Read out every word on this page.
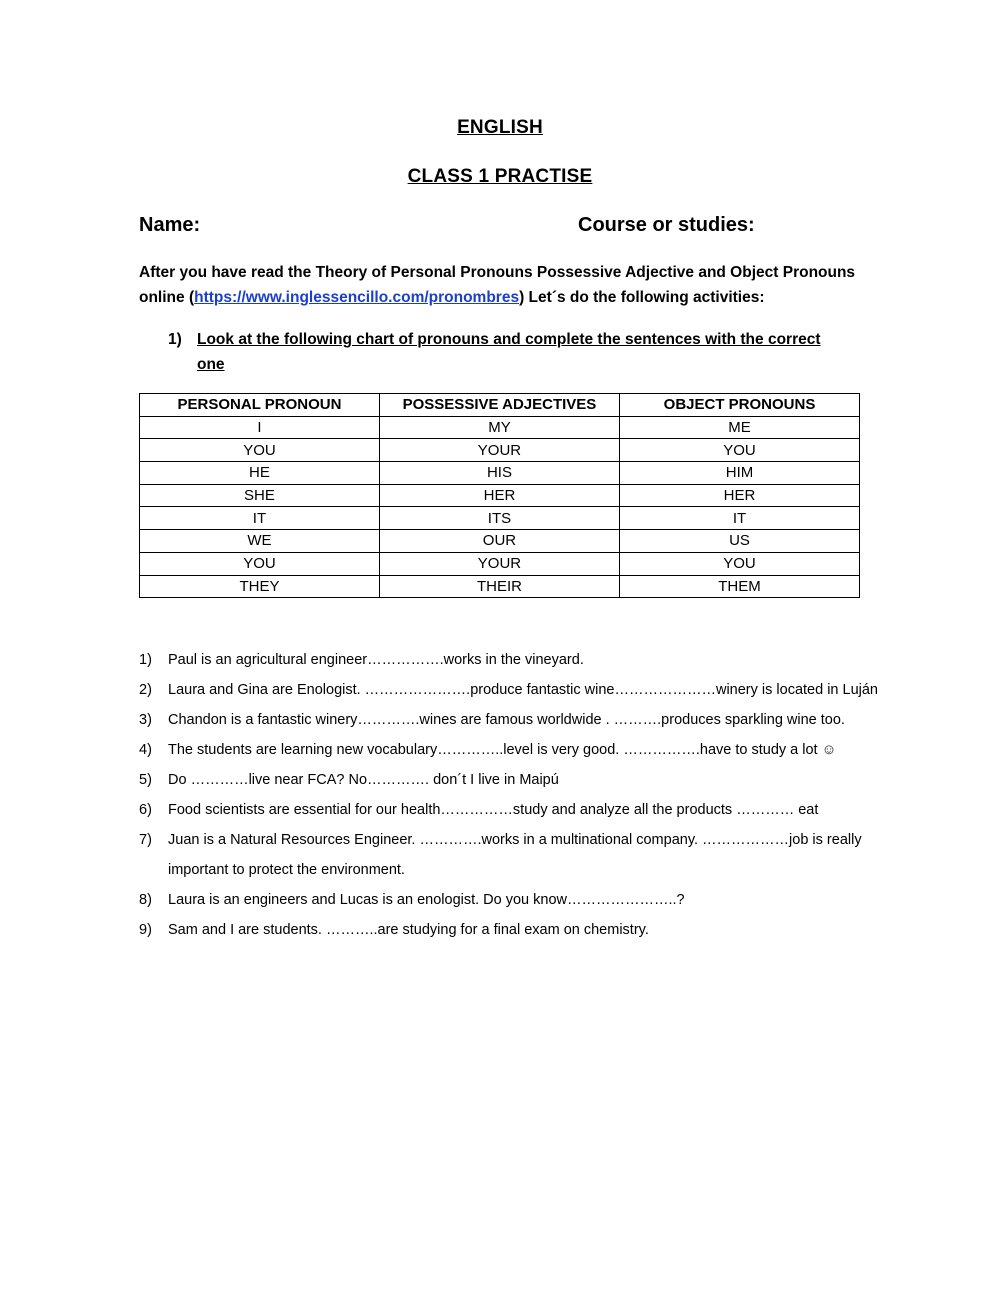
ENGLISH
CLASS 1 PRACTISE
Name:	Course or studies:
After you have read the Theory of Personal Pronouns Possessive Adjective and Object Pronouns online (https://www.inglessencillo.com/pronombres) Let´s do the following activities:
1) Look at the following chart of pronouns and complete the sentences with the correct one
PERSONAL PRONOUN	POSSESSIVE ADJECTIVES	OBJECT PRONOUNS
I	MY	ME
YOU	YOUR	YOU
HE	HIS	HIM
SHE	HER	HER
IT	ITS	IT
WE	OUR	US
YOU	YOUR	YOU
THEY	THEIR	THEM
1) Paul is an agricultural engineer…………….works in the vineyard.
2) Laura and Gina are Enologist. ………………….produce fantastic wine…………………winery is located in Luján
3) Chandon is a fantastic winery………….wines are famous worldwide . ……….produces sparkling wine too.
4) The students are learning new vocabulary…………..level is very good. …………….have to study a lot ☺
5) Do …………live near FCA? No…………. don´t I live in Maipú
6) Food scientists are essential for our health……………study and analyze all the products ………… eat
7) Juan is a Natural Resources Engineer. ………….works in a multinational company. ………………job is really important to protect the environment.
8) Laura is an engineers and Lucas is an enologist. Do you know…………………..?
9) Sam and I are students. ………..are studying for a final exam on chemistry.
